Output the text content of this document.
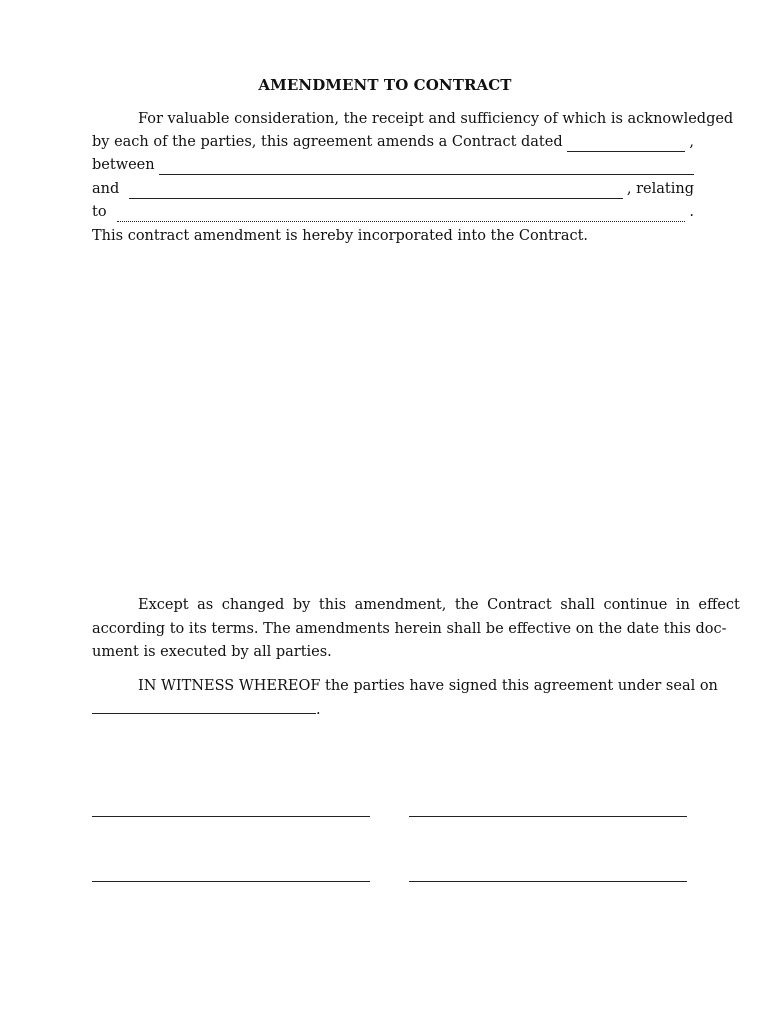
AMENDMENT TO CONTRACT
For valuable consideration, the receipt and sufficiency of which is acknowledged
by each of the parties, this agreement amends a Contract dated	,
between
and	, relating
to	.
This contract amendment is hereby incorporated into the Contract.
Except as changed by this amendment, the Contract shall continue in effect
according to its terms. The amendments herein shall be effective on the date this doc-
ument is executed by all parties.
IN WITNESS WHEREOF the parties have signed this agreement under seal on
.
